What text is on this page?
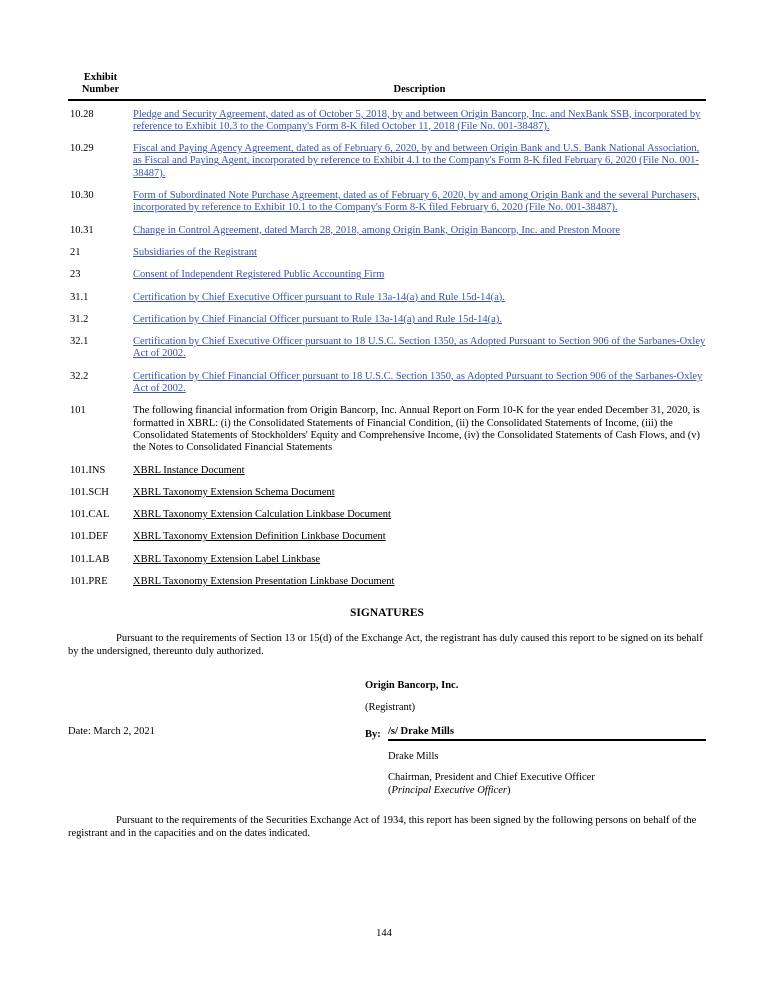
Exhibit
Number	Description
10.28	Pledge and Security Agreement, dated as of October 5, 2018, by and between Origin Bancorp, Inc. and NexBank SSB, incorporated by reference to Exhibit 10.3 to the Company's Form 8-K filed October 11, 2018 (File No. 001-38487).
10.29	Fiscal and Paying Agency Agreement, dated as of February 6, 2020, by and between Origin Bank and U.S. Bank National Association, as Fiscal and Paying Agent, incorporated by reference to Exhibit 4.1 to the Company's Form 8-K filed February 6, 2020 (File No. 001-38487).
10.30	Form of Subordinated Note Purchase Agreement, dated as of February 6, 2020, by and among Origin Bank and the several Purchasers, incorporated by reference to Exhibit 10.1 to the Company's Form 8-K filed February 6, 2020 (File No. 001-38487).
10.31	Change in Control Agreement, dated March 28, 2018, among Origin Bank, Origin Bancorp, Inc. and Preston Moore
21	Subsidiaries of the Registrant
23	Consent of Independent Registered Public Accounting Firm
31.1	Certification by Chief Executive Officer pursuant to Rule 13a-14(a) and Rule 15d-14(a).
31.2	Certification by Chief Financial Officer pursuant to Rule 13a-14(a) and Rule 15d-14(a).
32.1	Certification by Chief Executive Officer pursuant to 18 U.S.C. Section 1350, as Adopted Pursuant to Section 906 of the Sarbanes-Oxley Act of 2002.
32.2	Certification by Chief Financial Officer pursuant to 18 U.S.C. Section 1350, as Adopted Pursuant to Section 906 of the Sarbanes-Oxley Act of 2002.
101	The following financial information from Origin Bancorp, Inc. Annual Report on Form 10-K for the year ended December 31, 2020, is formatted in XBRL: (i) the Consolidated Statements of Financial Condition, (ii) the Consolidated Statements of Income, (iii) the Consolidated Statements of Stockholders' Equity and Comprehensive Income, (iv) the Consolidated Statements of Cash Flows, and (v) the Notes to Consolidated Financial Statements
101.INS	XBRL Instance Document
101.SCH	XBRL Taxonomy Extension Schema Document
101.CAL	XBRL Taxonomy Extension Calculation Linkbase Document
101.DEF	XBRL Taxonomy Extension Definition Linkbase Document
101.LAB	XBRL Taxonomy Extension Label Linkbase
101.PRE	XBRL Taxonomy Extension Presentation Linkbase Document
SIGNATURES

Pursuant to the requirements of Section 13 or 15(d) of the Exchange Act, the registrant has duly caused this report to be signed on its behalf by the undersigned, thereunto duly authorized.

Date: March 2, 2021
Origin Bancorp, Inc.
(Registrant)
By: /s/ Drake Mills
Drake Mills
Chairman, President and Chief Executive Officer
(Principal Executive Officer)

Pursuant to the requirements of the Securities Exchange Act of 1934, this report has been signed by the following persons on behalf of the registrant and in the capacities and on the dates indicated.

144
